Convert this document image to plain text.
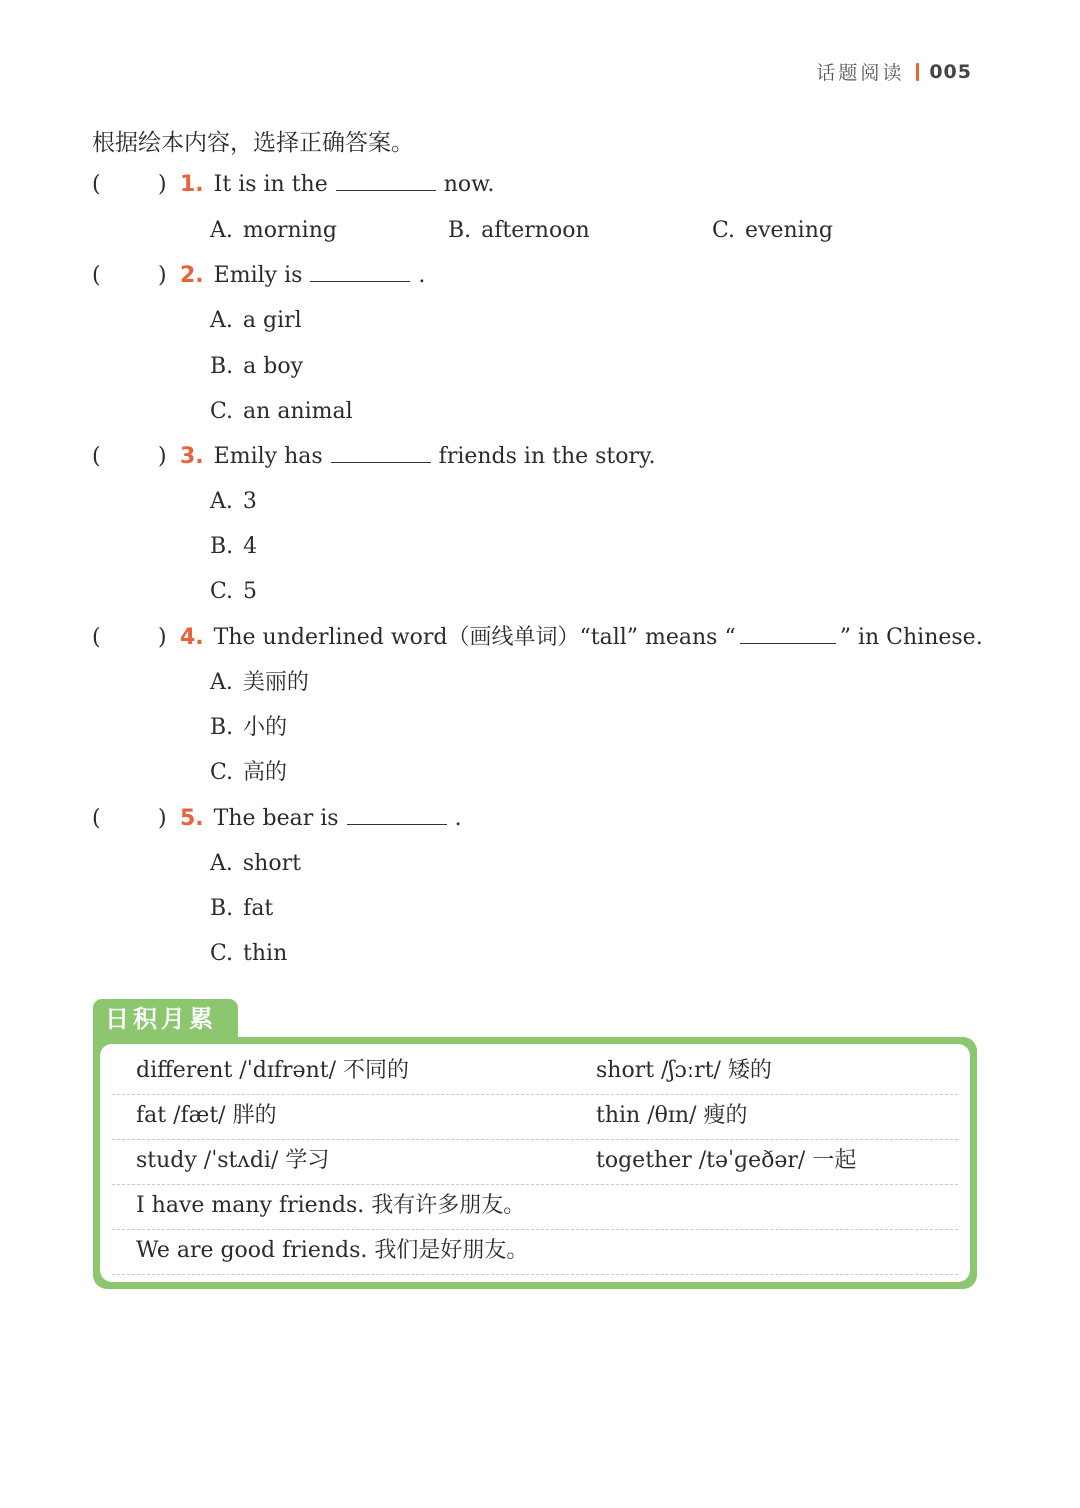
话题阅读 005
根据绘本内容，选择正确答案。
(	) 1. It is in the	now.
A. morning	B. afternoon	C. evening
(	) 2. Emily is	.
A. a girl
B. a boy
C. an animal
(	) 3. Emily has	friends in the story.
A. 3
B. 4
C. 5
(	) 4. The underlined word（画线单词）“tall” means “	” in Chinese.
A. 美丽的
B. 小的
C. 高的
(	) 5. The bear is	.
A. short
B. fat
C. thin
日积月累
different /ˈdɪfrənt/ 不同的	short /ʃɔːrt/ 矮的
fat /fæt/ 胖的	thin /θɪn/ 瘦的
study /ˈstʌdi/ 学习	together /təˈɡeðər/ 一起
I have many friends. 我有许多朋友。
We are good friends. 我们是好朋友。
